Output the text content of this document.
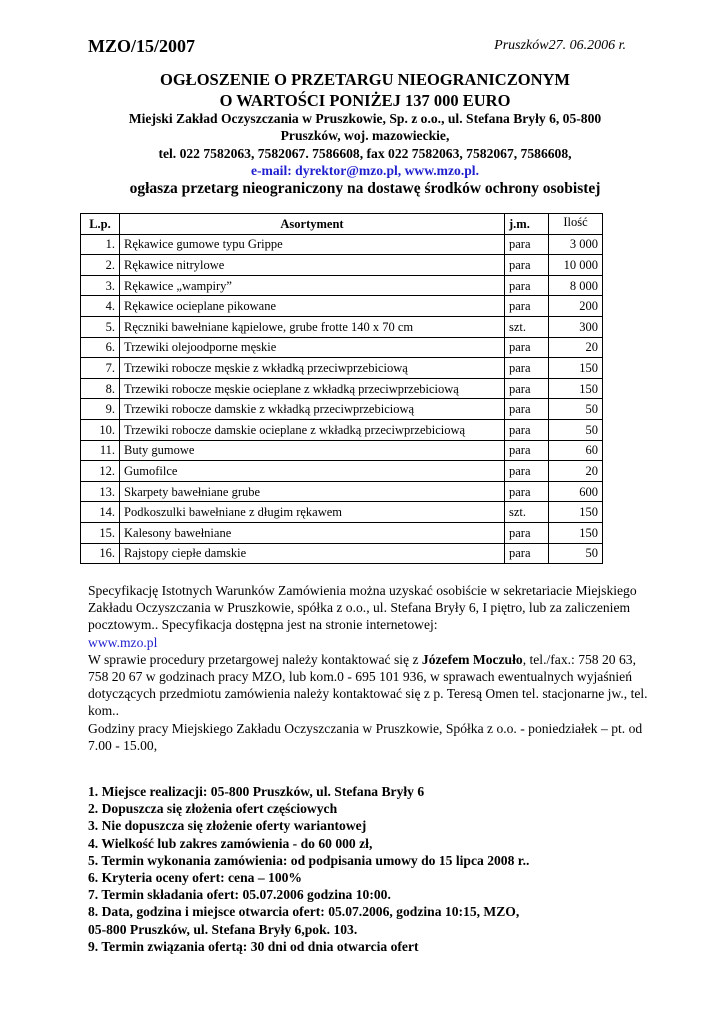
MZO/15/2007	Pruszków27. 06.2006 r.
OGŁOSZENIE O PRZETARGU NIEOGRANICZONYM
O WARTOŚCI PONIŻEJ 137 000 EURO
Miejski Zakład Oczyszczania w Pruszkowie, Sp. z o.o., ul. Stefana Bryły 6, 05-800
Pruszków, woj. mazowieckie,
tel. 022 7582063, 7582067. 7586608, fax 022 7582063, 7582067, 7586608,
e-mail: dyrektor@mzo.pl, www.mzo.pl.
ogłasza przetarg nieograniczony na dostawę środków ochrony osobistej
L.p.	Asortyment	j.m.	Ilość
1.	Rękawice gumowe typu Grippe	para	3 000
2.	Rękawice nitrylowe	para	10 000
3.	Rękawice „wampiry”	para	8 000
4.	Rękawice ocieplane pikowane	para	200
5.	Ręczniki bawełniane kąpielowe, grube frotte 140 x 70 cm	szt.	300
6.	Trzewiki olejoodporne męskie	para	20
7.	Trzewiki robocze męskie z wkładką przeciwprzebiciową	para	150
8.	Trzewiki robocze męskie ocieplane z wkładką przeciwprzebiciową	para	150
9.	Trzewiki robocze damskie z wkładką przeciwprzebiciową	para	50
10.	Trzewiki robocze damskie ocieplane z wkładką przeciwprzebiciową	para	50
11.	Buty gumowe	para	60
12.	Gumofilce	para	20
13.	Skarpety bawełniane grube	para	600
14.	Podkoszulki bawełniane z długim rękawem	szt.	150
15.	Kalesony bawełniane	para	150
16.	Rajstopy ciepłe damskie	para	50

Specyfikację Istotnych Warunków Zamówienia można uzyskać osobiście w sekretariacie Miejskiego Zakładu Oczyszczania w Pruszkowie, spółka z o.o., ul. Stefana Bryły 6, I piętro, lub za zaliczeniem pocztowym.. Specyfikacja dostępna jest na stronie internetowej:

www.mzo.pl

W sprawie procedury przetargowej należy kontaktować się z Józefem Moczuło, tel./fax.: 758 20 63, 758 20 67 w godzinach pracy MZO, lub kom.0 - 695 101 936, w sprawach ewentualnych wyjaśnień dotyczących przedmiotu zamówienia należy kontaktować się z p. Teresą Omen tel. stacjonarne jw., tel. kom..

Godziny pracy Miejskiego Zakładu Oczyszczania w Pruszkowie, Spółka z o.o. - poniedziałek – pt. od 7.00 - 15.00,

1. Miejsce realizacji: 05-800 Pruszków, ul. Stefana Bryły 6

2. Dopuszcza się złożenia ofert częściowych

3. Nie dopuszcza się złożenie oferty wariantowej

4. Wielkość lub zakres zamówienia - do 60 000 zł,

5. Termin wykonania zamówienia: od podpisania umowy do 15 lipca 2008 r..

6. Kryteria oceny ofert: cena – 100%

7. Termin składania ofert: 05.07.2006 godzina 10:00.

8. Data, godzina i miejsce otwarcia ofert: 05.07.2006, godzina 10:15, MZO,

05-800 Pruszków, ul. Stefana Bryły 6,pok. 103.

9. Termin związania ofertą: 30 dni od dnia otwarcia ofert
